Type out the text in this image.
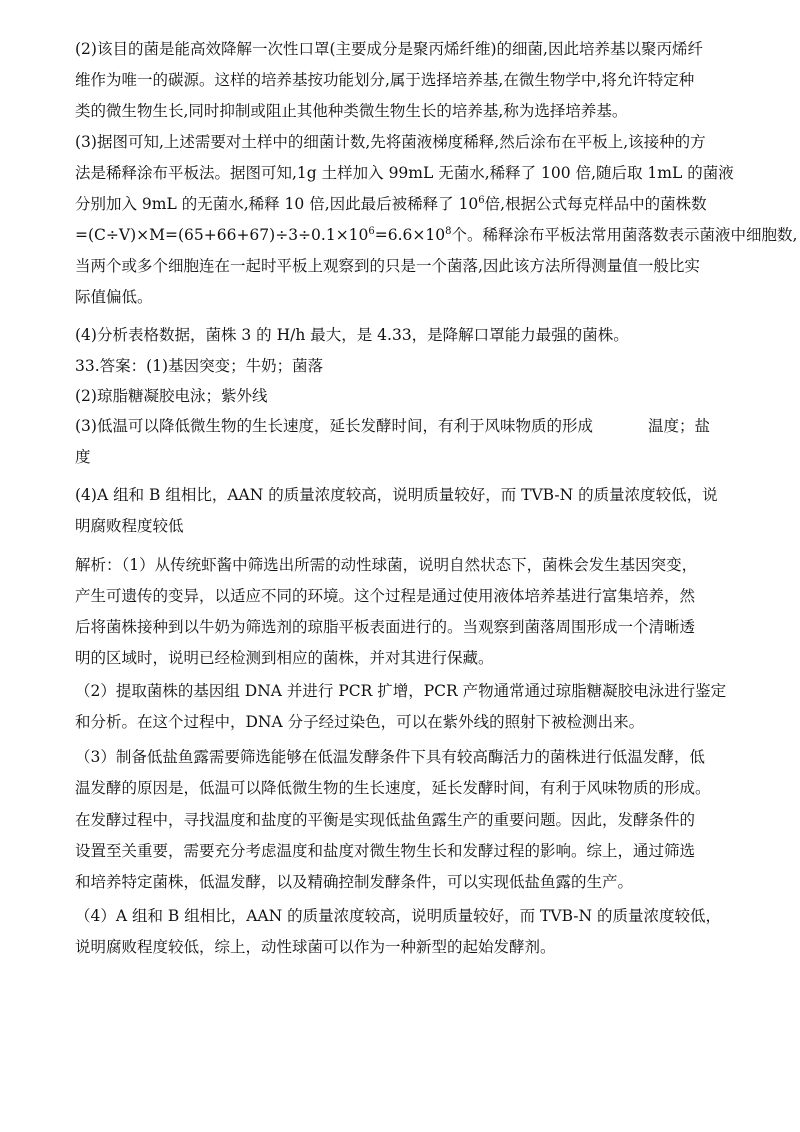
(2)该目的菌是能高效降解一次性口罩(主要成分是聚丙烯纤维)的细菌,因此培养基以聚丙烯纤
维作为唯一的碳源。这样的培养基按功能划分,属于选择培养基,在微生物学中,将允许特定种
类的微生物生长,同时抑制或阻止其他种类微生物生长的培养基,称为选择培养基。
(3)据图可知,上述需要对土样中的细菌计数,先将菌液梯度稀释,然后涂布在平板上,该接种的方
法是稀释涂布平板法。据图可知,1g 土样加入 99mL 无菌水,稀释了 100 倍,随后取 1mL 的菌液
分别加入 9mL 的无菌水,稀释 10 倍,因此最后被稀释了 $10^6$倍,根据公式每克样品中的菌株数
$=(C\div V)\times M=(65+66+67)\div 3\div 0.1\times 10^6=6.6\times 10^8$个。稀释涂布平板法常用菌落数表示菌液中细胞数,
当两个或多个细胞连在一起时平板上观察到的只是一个菌落,因此该方法所得测量值一般比实
际值偏低。
(4)分析表格数据，菌株 3 的 H/h 最大，是 4.33，是降解口罩能力最强的菌株。
33.答案：(1)基因突变；牛奶；菌落
(2)琼脂糖凝胶电泳；紫外线
(3)低温可以降低微生物的生长速度，延长发酵时间，有利于风味物质的形成	温度；盐
度
(4)A 组和 B 组相比，AAN 的质量浓度较高，说明质量较好，而 TVB-N 的质量浓度较低，说
明腐败程度较低
解析：（1）从传统虾酱中筛选出所需的动性球菌，说明自然状态下，菌株会发生基因突变，
产生可遗传的变异，以适应不同的环境。这个过程是通过使用液体培养基进行富集培养，然
后将菌株接种到以牛奶为筛选剂的琼脂平板表面进行的。当观察到菌落周围形成一个清晰透
明的区域时，说明已经检测到相应的菌株，并对其进行保藏。
（2）提取菌株的基因组 DNA 并进行 PCR 扩增，PCR 产物通常通过琼脂糖凝胶电泳进行鉴定
和分析。在这个过程中，DNA 分子经过染色，可以在紫外线的照射下被检测出来。
（3）制备低盐鱼露需要筛选能够在低温发酵条件下具有较高酶活力的菌株进行低温发酵，低
温发酵的原因是，低温可以降低微生物的生长速度，延长发酵时间，有利于风味物质的形成。
在发酵过程中，寻找温度和盐度的平衡是实现低盐鱼露生产的重要问题。因此，发酵条件的
设置至关重要，需要充分考虑温度和盐度对微生物生长和发酵过程的影响。综上，通过筛选
和培养特定菌株，低温发酵，以及精确控制发酵条件，可以实现低盐鱼露的生产。
（4）A 组和 B 组相比，AAN 的质量浓度较高，说明质量较好，而 TVB-N 的质量浓度较低，
说明腐败程度较低，综上，动性球菌可以作为一种新型的起始发酵剂。
